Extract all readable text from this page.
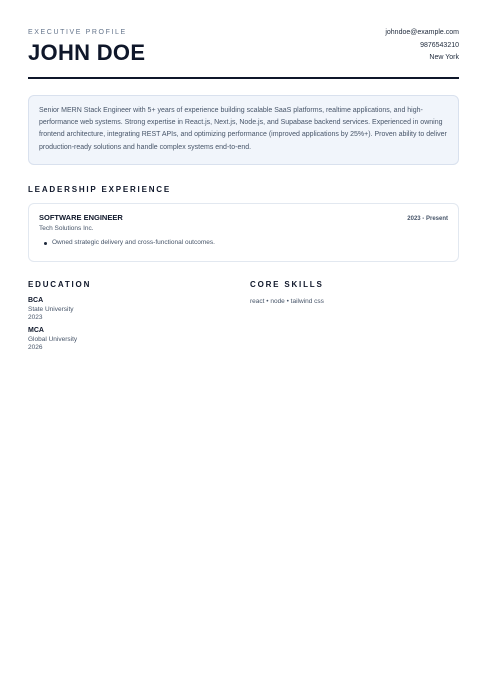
EXECUTIVE PROFILE
JOHN DOE
johndoe@example.com
9876543210
New York
Senior MERN Stack Engineer with 5+ years of experience building scalable SaaS platforms, realtime applications, and high-performance web systems. Strong expertise in React.js, Next.js, Node.js, and Supabase backend services. Experienced in owning frontend architecture, integrating REST APIs, and optimizing performance (improved applications by 25%+). Proven ability to deliver production-ready solutions and handle complex systems end-to-end.
LEADERSHIP EXPERIENCE
SOFTWARE ENGINEER	2023 - Present
Tech Solutions Inc.
Owned strategic delivery and cross-functional outcomes.
EDUCATION
BCA
State University
2023
MCA
Global University
2026
CORE SKILLS
react • node • tailwind css
